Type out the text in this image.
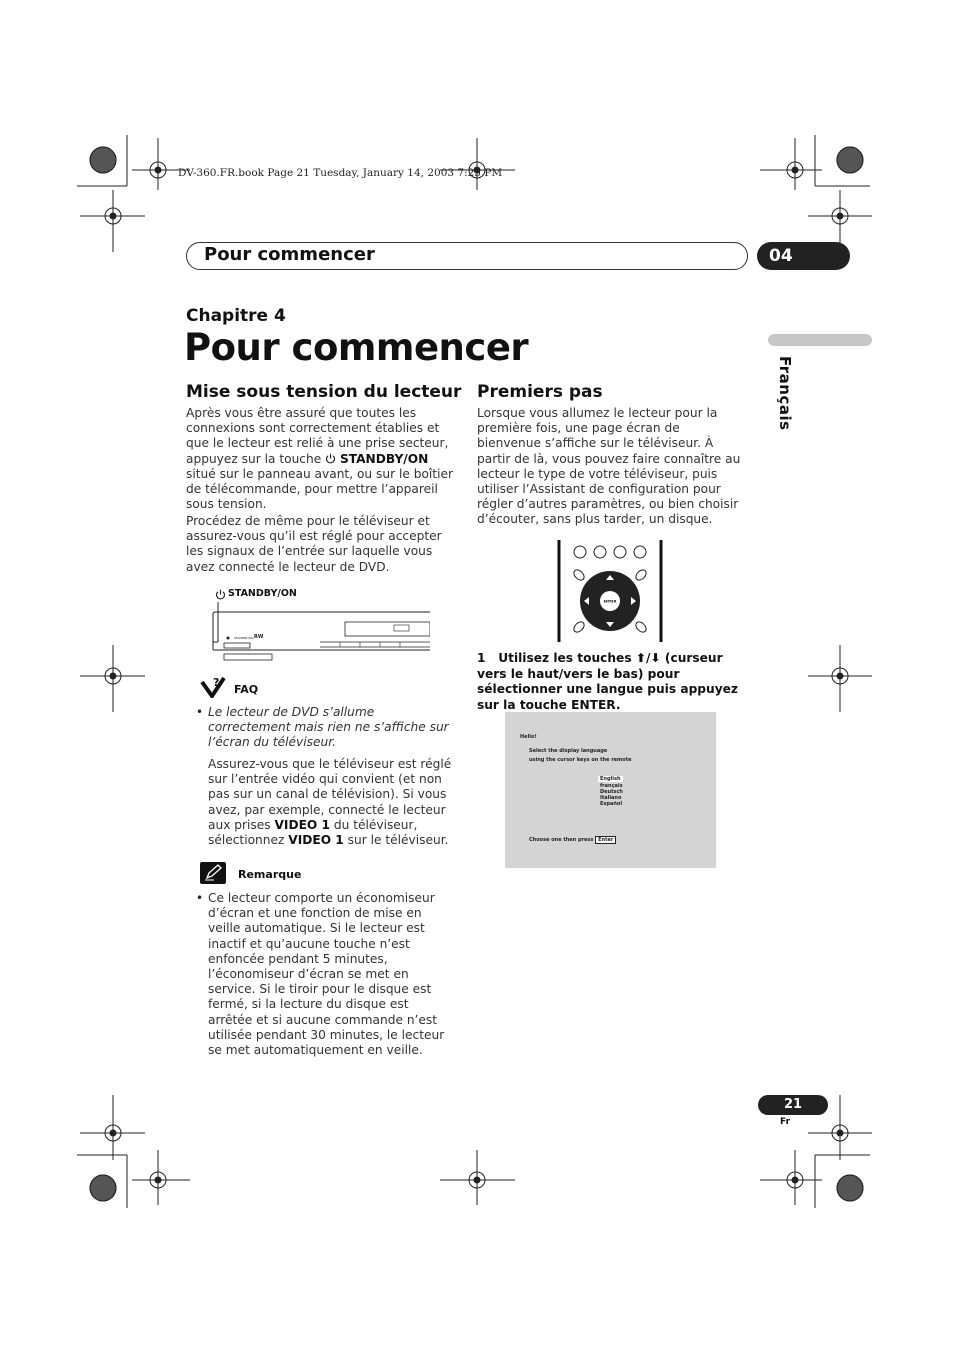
DV-360.FR.book Page 21 Tuesday, January 14, 2003 7:25 PM
Pour commencer	04
Français
Chapitre 4
Pour commencer
Mise sous tension du lecteur
Après vous être assuré que toutes les connexions sont correctement établies et que le lecteur est relié à une prise secteur, appuyez sur la touche  STANDBY/ON situé sur le panneau avant, ou sur le boîtier de télécommande, pour mettre l’appareil sous tension.
Procédez de même pour le téléviseur et assurez-vous qu’il est réglé pour accepter les signaux de l’entrée sur laquelle vous avez connecté le lecteur de DVD.
STANDBY/ON
STANDBY/ON RW
?
FAQ
• Le lecteur de DVD s’allume correctement mais rien ne s’affiche sur l’écran du téléviseur.
Assurez-vous que le téléviseur est réglé sur l’entrée vidéo qui convient (et non pas sur un canal de télévision). Si vous avez, par exemple, connecté le lecteur aux prises VIDEO 1 du téléviseur, sélectionnez VIDEO 1 sur le téléviseur.
Remarque
• Ce lecteur comporte un économiseur d’écran et une fonction de mise en veille automatique. Si le lecteur est inactif et qu’aucune touche n’est enfoncée pendant 5 minutes, l’économiseur d’écran se met en service. Si le tiroir pour le disque est fermé, si la lecture du disque est arrêtée et si aucune commande n’est utilisée pendant 30 minutes, le lecteur se met automatiquement en veille.
Premiers pas
Lorsque vous allumez le lecteur pour la première fois, une page écran de bienvenue s’affiche sur le téléviseur. À partir de là, vous pouvez faire connaître au lecteur le type de votre téléviseur, puis utiliser l’Assistant de configuration pour régler d’autres paramètres, ou bien choisir d’écouter, sans plus tarder, un disque.
ENTER
1 Utilisez les touches ⬆/⬇ (curseur vers le haut/vers le bas) pour sélectionner une langue puis appuyez sur la touche ENTER.
Hello!
Select the display language
using the cursor keys on the remote
English
français
Deutsch
Italiano
Español
Choose one then press Enter
21
Fr
